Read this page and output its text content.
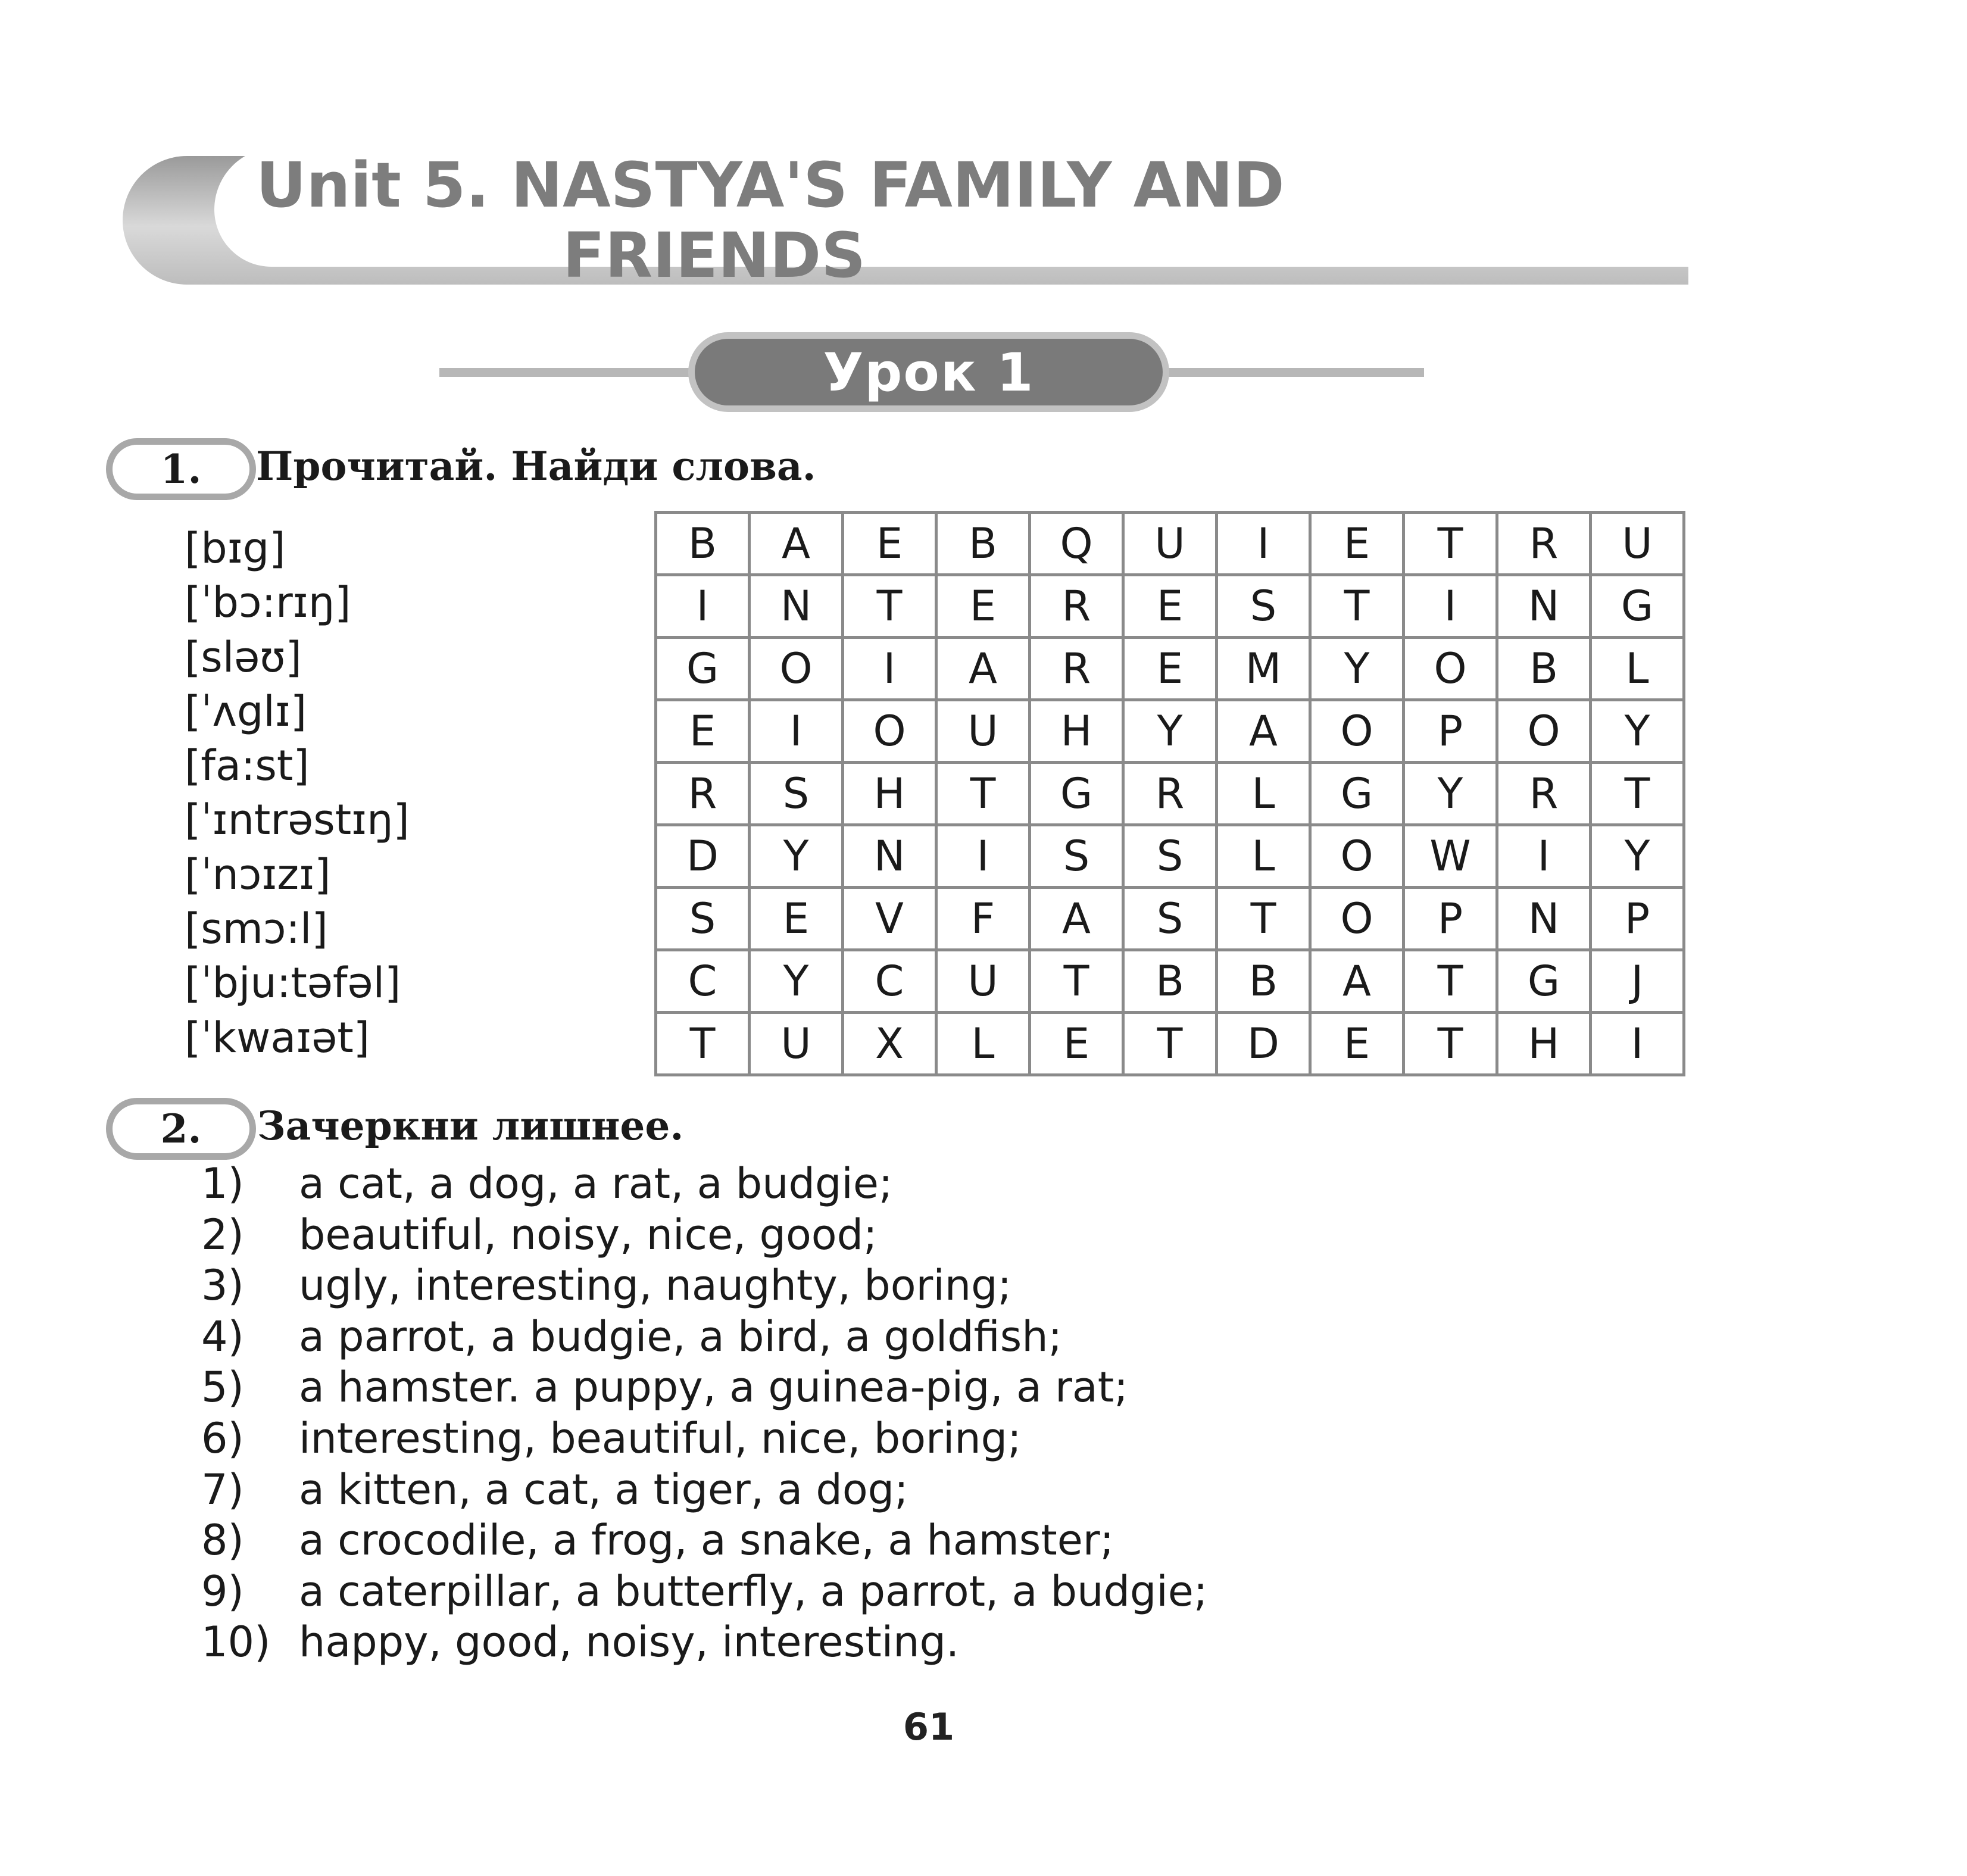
Unit 5. NASTYA'S FAMILY AND
FRIENDS
Урок 1
1.	Прочитай. Найди слова.

[bɪg]
[ˈbɔ:rɪŋ]
[sləʊ]
[ˈʌglɪ]
[fa:st]
[ˈɪntrəstɪŋ]
[ˈnɔɪzɪ]
[smɔ:l]
[ˈbju:təfəl]
[ˈkwaɪət]
B	A	E	B	Q	U	I	E	T	R	U
I	N	T	E	R	E	S	T	I	N	G
G	O	I	A	R	E	M	Y	O	B	L
E	I	O	U	H	Y	A	O	P	O	Y
R	S	H	T	G	R	L	G	Y	R	T
D	Y	N	I	S	S	L	O	W	I	Y
S	E	V	F	A	S	T	O	P	N	P
C	Y	C	U	T	B	B	A	T	G	J
T	U	X	L	E	T	D	E	T	H	I
2.	Зачеркни лишнее.

1) a cat, a dog, a rat, a budgie;
2) beautiful, noisy, nice, good;
3) ugly, interesting, naughty, boring;
4) a parrot, a budgie, a bird, a goldfish;
5) a hamster. a puppy, a guinea-pig, a rat;
6) interesting, beautiful, nice, boring;
7) a kitten, a cat, a tiger, a dog;
8) a crocodile, a frog, a snake, a hamster;
9) a caterpillar, a butterfly, a parrot, a budgie;
10) happy, good, noisy, interesting.
61
